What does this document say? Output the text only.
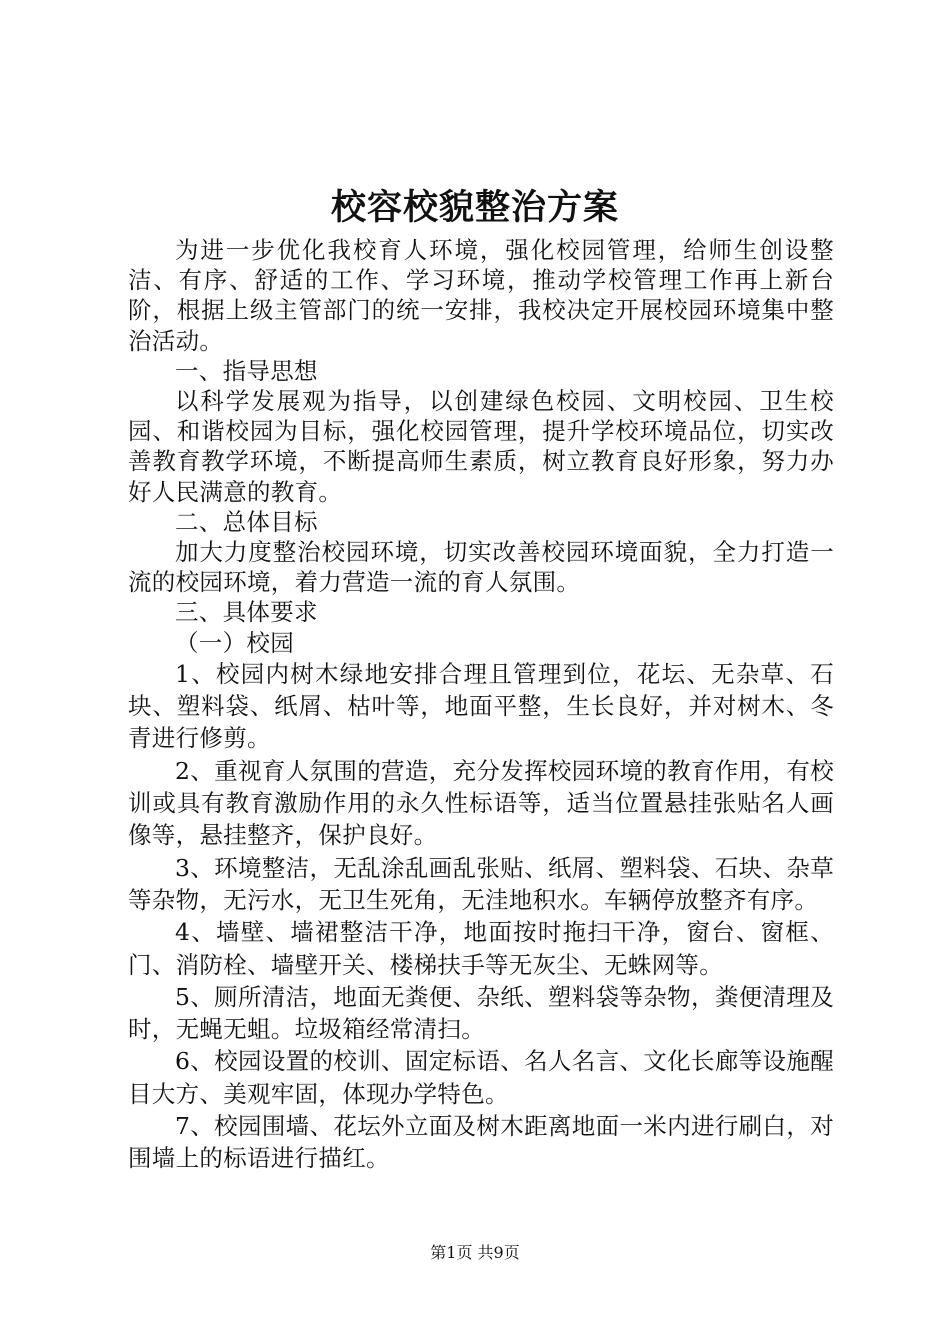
校容校貌整治方案

为进一步优化我校育人环境，强化校园管理，给师生创设整洁、有序、舒适的工作、学习环境，推动学校管理工作再上新台阶，根据上级主管部门的统一安排，我校决定开展校园环境集中整治活动。

一、指导思想

以科学发展观为指导，以创建绿色校园、文明校园、卫生校园、和谐校园为目标，强化校园管理，提升学校环境品位，切实改善教育教学环境，不断提高师生素质，树立教育良好形象，努力办好人民满意的教育。

二、总体目标

加大力度整治校园环境，切实改善校园环境面貌，全力打造一流的校园环境，着力营造一流的育人氛围。

三、具体要求

（一）校园

1、校园内树木绿地安排合理且管理到位，花坛、无杂草、石块、塑料袋、纸屑、枯叶等，地面平整，生长良好，并对树木、冬青进行修剪。

2、重视育人氛围的营造，充分发挥校园环境的教育作用，有校训或具有教育激励作用的永久性标语等，适当位置悬挂张贴名人画像等，悬挂整齐，保护良好。

3、环境整洁，无乱涂乱画乱张贴、纸屑、塑料袋、石块、杂草等杂物，无污水，无卫生死角，无洼地积水。车辆停放整齐有序。

4、墙壁、墙裙整洁干净，地面按时拖扫干净，窗台、窗框、门、消防栓、墙壁开关、楼梯扶手等无灰尘、无蛛网等。

5、厕所清洁，地面无粪便、杂纸、塑料袋等杂物，粪便清理及时，无蝇无蛆。垃圾箱经常清扫。

6、校园设置的校训、固定标语、名人名言、文化长廊等设施醒目大方、美观牢固，体现办学特色。

7、校园围墙、花坛外立面及树木距离地面一米内进行刷白，对围墙上的标语进行描红。

第1页 共9页
